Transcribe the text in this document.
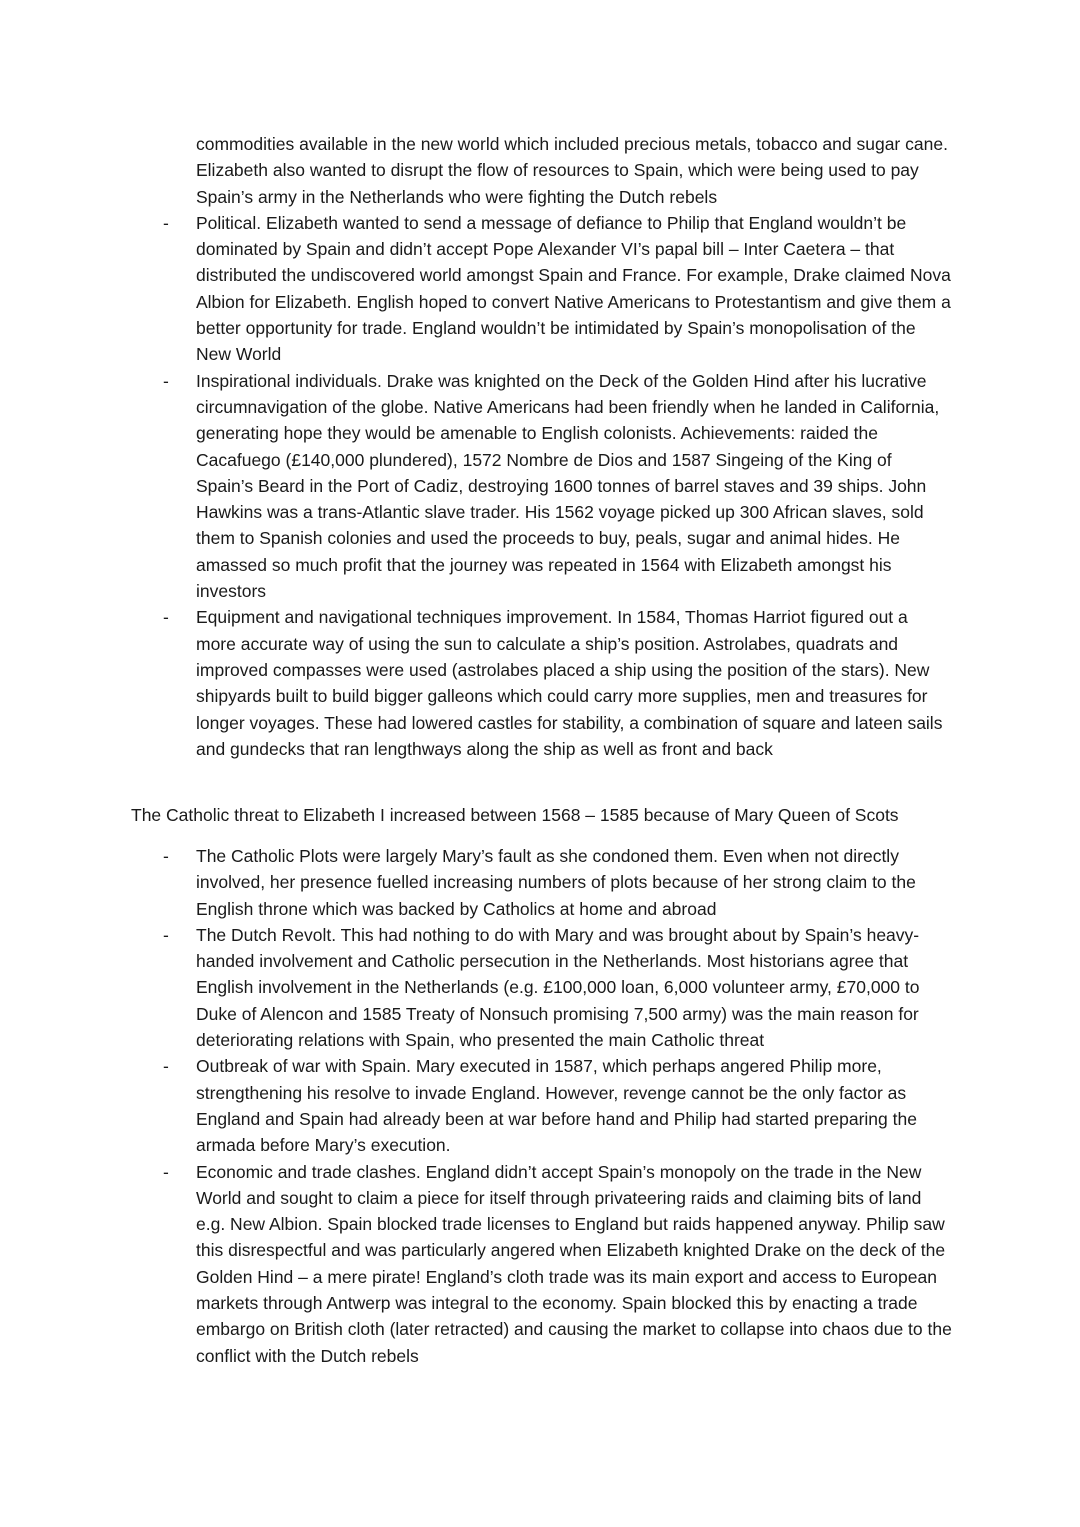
commodities available in the new world which included precious metals, tobacco and sugar cane. Elizabeth also wanted to disrupt the flow of resources to Spain, which were being used to pay Spain’s army in the Netherlands who were fighting the Dutch rebels

- Political. Elizabeth wanted to send a message of defiance to Philip that England wouldn’t be dominated by Spain and didn’t accept Pope Alexander VI’s papal bill – Inter Caetera – that distributed the undiscovered world amongst Spain and France. For example, Drake claimed Nova Albion for Elizabeth. English hoped to convert Native Americans to Protestantism and give them a better opportunity for trade. England wouldn’t be intimidated by Spain’s monopolisation of the New World

- Inspirational individuals. Drake was knighted on the Deck of the Golden Hind after his lucrative circumnavigation of the globe. Native Americans had been friendly when he landed in California, generating hope they would be amenable to English colonists. Achievements: raided the Cacafuego (£140,000 plundered), 1572 Nombre de Dios and 1587 Singeing of the King of Spain’s Beard in the Port of Cadiz, destroying 1600 tonnes of barrel staves and 39 ships. John Hawkins was a trans-Atlantic slave trader. His 1562 voyage picked up 300 African slaves, sold them to Spanish colonies and used the proceeds to buy, peals, sugar and animal hides. He amassed so much profit that the journey was repeated in 1564 with Elizabeth amongst his investors

- Equipment and navigational techniques improvement. In 1584, Thomas Harriot figured out a more accurate way of using the sun to calculate a ship’s position. Astrolabes, quadrats and improved compasses were used (astrolabes placed a ship using the position of the stars). New shipyards built to build bigger galleons which could carry more supplies, men and treasures for longer voyages. These had lowered castles for stability, a combination of square and lateen sails and gundecks that ran lengthways along the ship as well as front and back

The Catholic threat to Elizabeth I increased between 1568 – 1585 because of Mary Queen of Scots

- The Catholic Plots were largely Mary’s fault as she condoned them. Even when not directly involved, her presence fuelled increasing numbers of plots because of her strong claim to the English throne which was backed by Catholics at home and abroad

- The Dutch Revolt. This had nothing to do with Mary and was brought about by Spain’s heavy-handed involvement and Catholic persecution in the Netherlands. Most historians agree that English involvement in the Netherlands (e.g. £100,000 loan, 6,000 volunteer army, £70,000 to Duke of Alencon and 1585 Treaty of Nonsuch promising 7,500 army) was the main reason for deteriorating relations with Spain, who presented the main Catholic threat

- Outbreak of war with Spain. Mary executed in 1587, which perhaps angered Philip more, strengthening his resolve to invade England. However, revenge cannot be the only factor as England and Spain had already been at war before hand and Philip had started preparing the armada before Mary’s execution.

- Economic and trade clashes. England didn’t accept Spain’s monopoly on the trade in the New World and sought to claim a piece for itself through privateering raids and claiming bits of land e.g. New Albion. Spain blocked trade licenses to England but raids happened anyway. Philip saw this disrespectful and was particularly angered when Elizabeth knighted Drake on the deck of the Golden Hind – a mere pirate! England’s cloth trade was its main export and access to European markets through Antwerp was integral to the economy. Spain blocked this by enacting a trade embargo on British cloth (later retracted) and causing the market to collapse into chaos due to the conflict with the Dutch rebels
